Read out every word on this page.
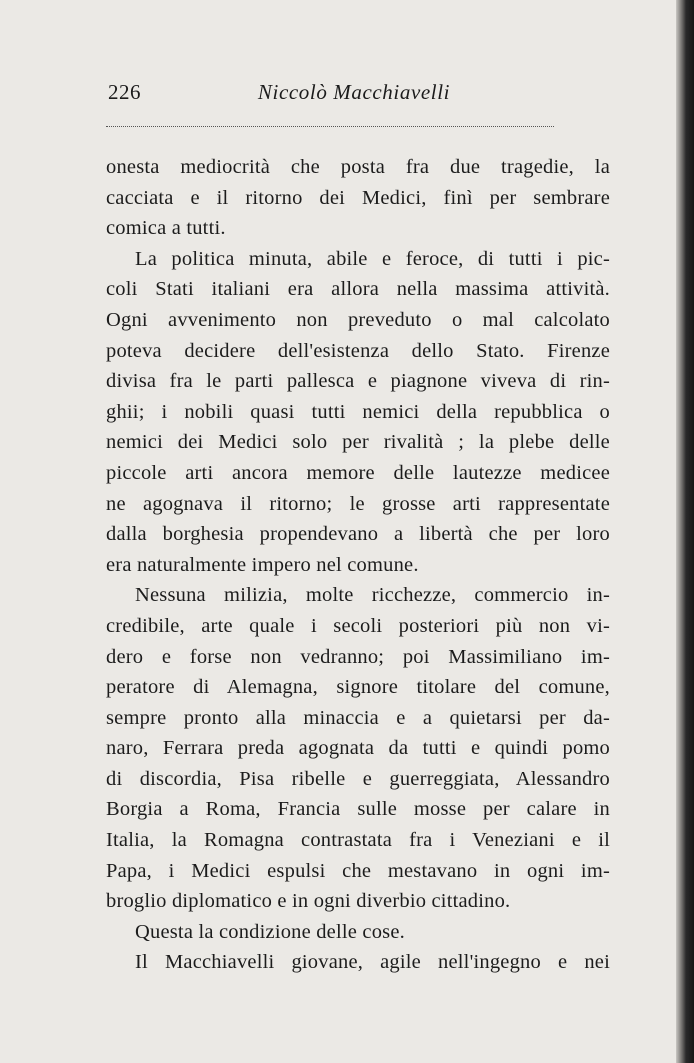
226	Niccolò Macchiavelli
onesta mediocrità che posta fra due tragedie, la
cacciata e il ritorno dei Medici, finì per sembrare
comica a tutti.
La politica minuta, abile e feroce, di tutti i pic-
coli Stati italiani era allora nella massima attività.
Ogni avvenimento non preveduto o mal calcolato
poteva decidere dell'esistenza dello Stato. Firenze
divisa fra le parti pallesca e piagnone viveva di rin-
ghii; i nobili quasi tutti nemici della repubblica o
nemici dei Medici solo per rivalità ; la plebe delle
piccole arti ancora memore delle lautezze medicee
ne agognava il ritorno; le grosse arti rappresentate
dalla borghesia propendevano a libertà che per loro
era naturalmente impero nel comune.
Nessuna milizia, molte ricchezze, commercio in-
credibile, arte quale i secoli posteriori più non vi-
dero e forse non vedranno; poi Massimiliano im-
peratore di Alemagna, signore titolare del comune,
sempre pronto alla minaccia e a quietarsi per da-
naro, Ferrara preda agognata da tutti e quindi pomo
di discordia, Pisa ribelle e guerreggiata, Alessandro
Borgia a Roma, Francia sulle mosse per calare in
Italia, la Romagna contrastata fra i Veneziani e il
Papa, i Medici espulsi che mestavano in ogni im-
broglio diplomatico e in ogni diverbio cittadino.
Questa la condizione delle cose.
Il Macchiavelli giovane, agile nell'ingegno e nei
